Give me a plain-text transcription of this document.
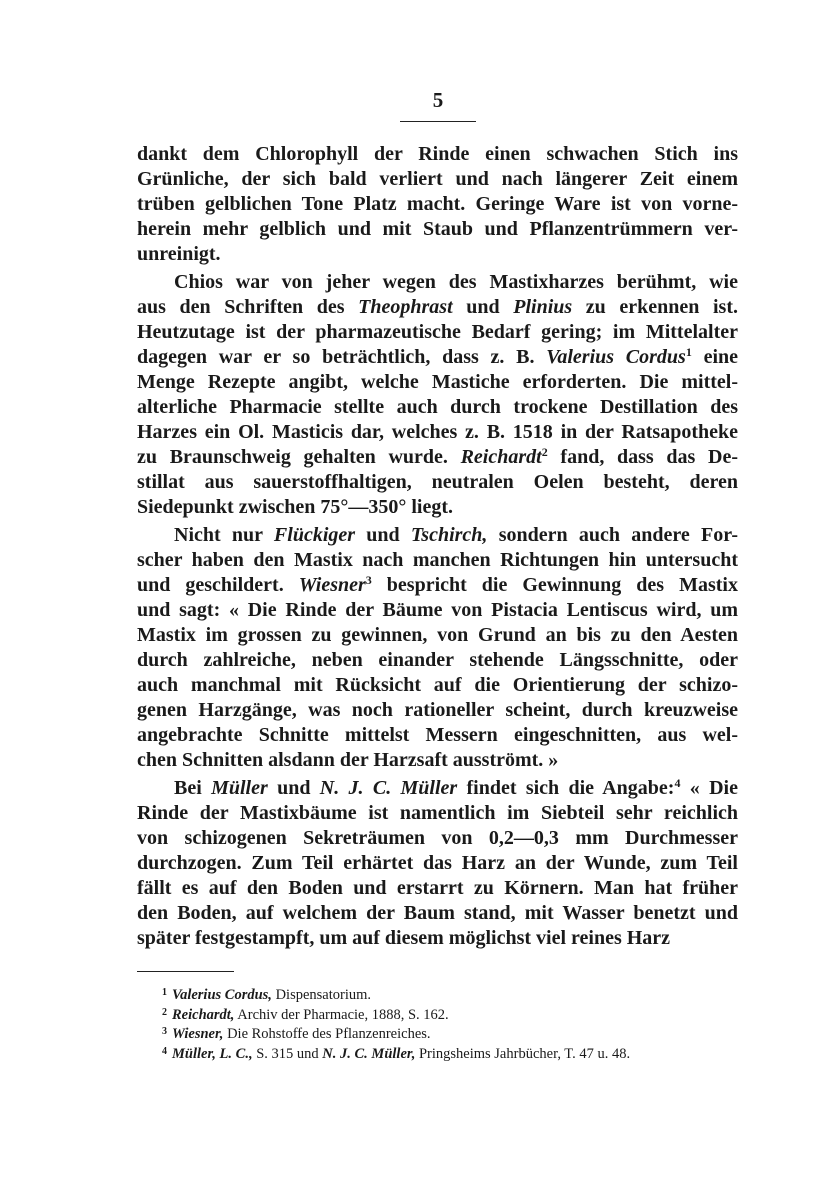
5
dankt dem Chlorophyll der Rinde einen schwachen Stich ins
Grünliche, der sich bald verliert und nach längerer Zeit einem
trüben gelblichen Tone Platz macht. Geringe Ware ist von vorne-
herein mehr gelblich und mit Staub und Pflanzentrümmern ver-
unreinigt.
Chios war von jeher wegen des Mastixharzes berühmt, wie
aus den Schriften des Theophrast und Plinius zu erkennen ist.
Heutzutage ist der pharmazeutische Bedarf gering; im Mittelalter
dagegen war er so beträchtlich, dass z. B. Valerius Cordus$^1$ eine
Menge Rezepte angibt, welche Mastiche erforderten. Die mittel-
alterliche Pharmacie stellte auch durch trockene Destillation des
Harzes ein Ol. Masticis dar, welches z. B. 1518 in der Ratsapotheke
zu Braunschweig gehalten wurde. Reichardt$^2$ fand, dass das De-
stillat aus sauerstoffhaltigen, neutralen Oelen besteht, deren
Siedepunkt zwischen 75°—350° liegt.
Nicht nur Flückiger und Tschirch, sondern auch andere For-
scher haben den Mastix nach manchen Richtungen hin untersucht
und geschildert. Wiesner$^3$ bespricht die Gewinnung des Mastix
und sagt: « Die Rinde der Bäume von Pistacia Lentiscus wird, um
Mastix im grossen zu gewinnen, von Grund an bis zu den Aesten
durch zahlreiche, neben einander stehende Längsschnitte, oder
auch manchmal mit Rücksicht auf die Orientierung der schizo-
genen Harzgänge, was noch rationeller scheint, durch kreuzweise
angebrachte Schnitte mittelst Messern eingeschnitten, aus wel-
chen Schnitten alsdann der Harzsaft ausströmt. »
Bei Müller und N. J. C. Müller findet sich die Angabe:$^4$ « Die
Rinde der Mastixbäume ist namentlich im Siebteil sehr reichlich
von schizogenen Sekreträumen von 0,2—0,3 mm Durchmesser
durchzogen. Zum Teil erhärtet das Harz an der Wunde, zum Teil
fällt es auf den Boden und erstarrt zu Körnern. Man hat früher
den Boden, auf welchem der Baum stand, mit Wasser benetzt und
später festgestampft, um auf diesem möglichst viel reines Harz
1 Valerius Cordus, Dispensatorium.
2 Reichardt, Archiv der Pharmacie, 1888, S. 162.
3 Wiesner, Die Rohstoffe des Pflanzenreiches.
4 Müller, L. C., S. 315 und N. J. C. Müller, Pringsheims Jahrbücher, T. 47 u. 48.
